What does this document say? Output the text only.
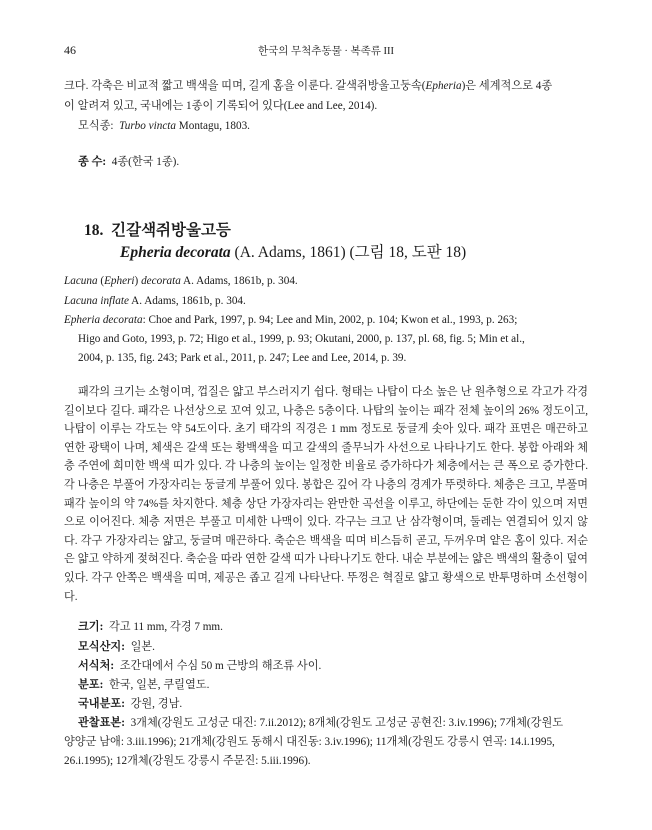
46	한국의 무척추동물 · 복족류 III
크다. 각축은 비교적 짧고 백색을 띠며, 길게 홈을 이룬다. 갈색쥐방울고둥속(Epheria)은 세계적으로 4종
이 알려져 있고, 국내에는 1종이 기록되어 있다(Lee and Lee, 2014).
모식종: Turbo vincta Montagu, 1803.
종 수: 4종(한국 1종).
18. 긴갈색쥐방울고등
Epheria decorata (A. Adams, 1861) (그림 18, 도판 18)
Lacuna (Epheri) decorata A. Adams, 1861b, p. 304.
Lacuna inflate A. Adams, 1861b, p. 304.
Epheria decorata: Choe and Park, 1997, p. 94; Lee and Min, 2002, p. 104; Kwon et al., 1993, p. 263;
Higo and Goto, 1993, p. 72; Higo et al., 1999, p. 93; Okutani, 2000, p. 137, pl. 68, fig. 5; Min et al.,
2004, p. 135, fig. 243; Park et al., 2011, p. 247; Lee and Lee, 2014, p. 39.

패각의 크기는 소형이며, 껍질은 얇고 부스러지기 쉽다. 형태는 나탑이 다소 높은 난 원추형으로 각고가 각경 길이보다 길다. 패각은 나선상으로 꼬여 있고, 나층은 5층이다. 나탑의 높이는 패각 전체 높이의 26% 정도이고, 나탑이 이루는 각도는 약 54도이다. 초기 태각의 직경은 1 mm 정도로 둥글게 솟아 있다. 패각 표면은 매끈하고 연한 광택이 나며, 체색은 갈색 또는 황백색을 띠고 갈색의 줄무늬가 사선으로 나타나기도 한다. 봉합 아래와 체층 주연에 희미한 백색 띠가 있다. 각 나층의 높이는 일정한 비율로 증가하다가 체층에서는 큰 폭으로 증가한다. 각 나층은 부풀어 가장자리는 둥글게 부풀어 있다. 봉합은 깊어 각 나층의 경계가 뚜렷하다. 체층은 크고, 부풀며 패각 높이의 약 74%를 차지한다. 체층 상단 가장자리는 완만한 곡선을 이루고, 하단에는 둔한 각이 있으며 저면으로 이어진다. 체층 저면은 부풀고 미세한 나맥이 있다. 각구는 크고 난 삼각형이며, 둘레는 연결되어 있지 않다. 각구 가장자리는 얇고, 둥글며 매끈하다. 축순은 백색을 띠며 비스듬히 곧고, 두꺼우며 얕은 홈이 있다. 저순은 얇고 약하게 젖혀진다. 축순을 따라 연한 갈색 띠가 나타나기도 한다. 내순 부분에는 얇은 백색의 활층이 덮여 있다. 각구 안쪽은 백색을 띠며, 제공은 좁고 길게 나타난다. 뚜껑은 혁질로 얇고 황색으로 반투명하며 소선형이다.

크기: 각고 11 mm, 각경 7 mm.
모식산지: 일본.
서식처: 조간대에서 수심 50 m 근방의 해조류 사이.
분포: 한국, 일본, 쿠릴열도.
국내분포: 강원, 경남.
관찰표본: 3개체(강원도 고성군 대진: 7.ii.2012); 8개체(강원도 고성군 공현진: 3.iv.1996); 7개체(강원도
양양군 남애: 3.iii.1996); 21개체(강원도 동해시 대진동: 3.iv.1996); 11개체(강원도 강릉시 연곡: 14.i.1995,
26.i.1995); 12개체(강원도 강릉시 주문진: 5.iii.1996).
